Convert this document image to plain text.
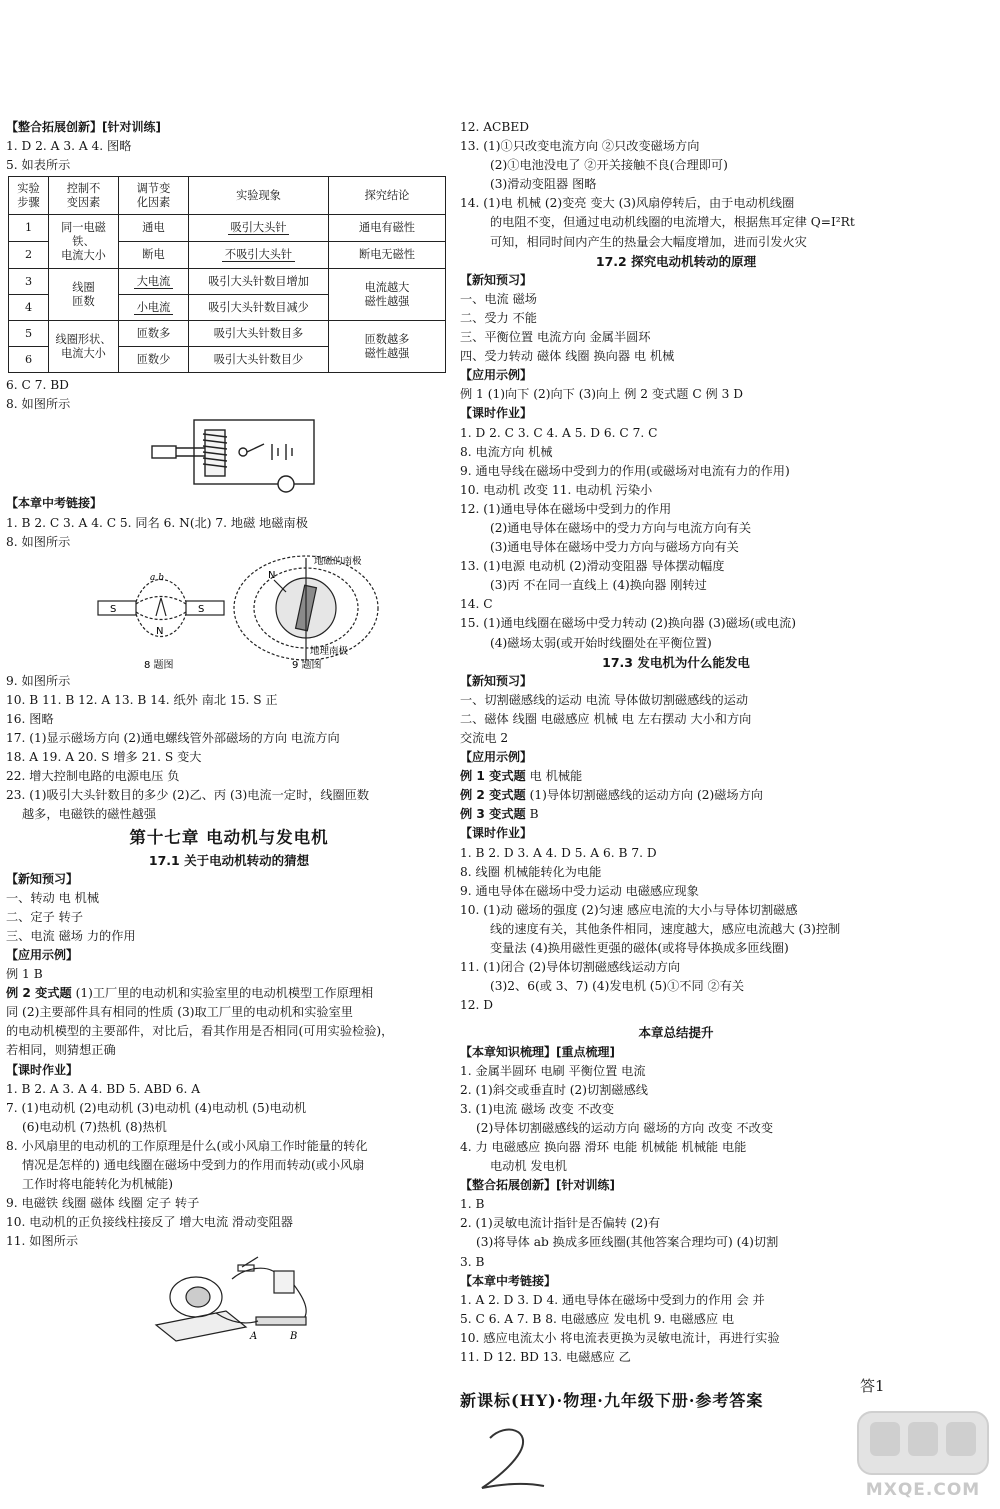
【整合拓展创新】[针对训练]
1. D 2. A 3. A 4. 图略
5. 如表所示
实验
步骤	控制不
变因素	调节变
化因素	实验现象	探究结论
1	同一电磁铁、
电流大小	通电	吸引大头针	通电有磁性
2		断电	不吸引大头针	断电无磁性
3	线圈
匝数	大电流	吸引大头针数目增加	电流越大
磁性越强
4		小电流	吸引大头针数目减少	
5	线圈形状、
电流大小	匝数多	吸引大头针数目多	匝数越多
磁性越强
6		匝数少	吸引大头针数目少	
6. C 7. BD
8. 如图所示
【本章中考链接】
1. B 2. C 3. A 4. C 5. 同名 6. N(北) 7. 地磁 地磁南极
8. 如图所示
S	S
a b
N
N
地磁的南极
地理南极
8 题图	9 题图
9. 如图所示
10. B 11. B 12. A 13. B 14. 纸外 南北 15. S 正
16. 图略
17. (1)显示磁场方向 (2)通电螺线管外部磁场的方向 电流方向
18. A 19. A 20. S 增多 21. S 变大
22. 增大控制电路的电源电压 负
23. (1)吸引大头针数目的多少 (2)乙、丙 (3)电流一定时，线圈匝数
越多，电磁铁的磁性越强
第十七章 电动机与发电机
17.1 关于电动机转动的猜想
【新知预习】
一、转动 电 机械
二、定子 转子
三、电流 磁场 力的作用
【应用示例】
例 1 B
例 2 变式题 (1)工厂里的电动机和实验室里的电动机模型工作原理相
同 (2)主要部件具有相同的性质 (3)取工厂里的电动机和实验室里
的电动机模型的主要部件，对比后，看其作用是否相同(可用实验检验)，
若相同，则猜想正确
【课时作业】
1. B 2. A 3. A 4. BD 5. ABD 6. A
7. (1)电动机 (2)电动机 (3)电动机 (4)电动机 (5)电动机
(6)电动机 (7)热机 (8)热机
8. 小风扇里的电动机的工作原理是什么(或小风扇工作时能量的转化
情况是怎样的) 通电线圈在磁场中受到力的作用而转动(或小风扇
工作时将电能转化为机械能)
9. 电磁铁 线圈 磁体 线圈 定子 转子
10. 电动机的正负接线柱接反了 增大电流 滑动变阻器
11. 如图所示
A	B
12. ACBED
13. (1)①只改变电流方向 ②只改变磁场方向
(2)①电池没电了 ②开关接触不良(合理即可)
(3)滑动变阻器 图略
14. (1)电 机械 (2)变亮 变大 (3)风扇停转后，由于电动机线圈
的电阻不变，但通过电动机线圈的电流增大，根据焦耳定律 Q=I²Rt
可知，相同时间内产生的热量会大幅度增加，进而引发火灾
17.2 探究电动机转动的原理
【新知预习】
一、电流 磁场
二、受力 不能
三、平衡位置 电流方向 金属半圆环
四、受力转动 磁体 线圈 换向器 电 机械
【应用示例】
例 1 (1)向下 (2)向下 (3)向上 例 2 变式题 C 例 3 D
【课时作业】
1. D 2. C 3. C 4. A 5. D 6. C 7. C
8. 电流方向 机械
9. 通电导线在磁场中受到力的作用(或磁场对电流有力的作用)
10. 电动机 改变 11. 电动机 污染小
12. (1)通电导体在磁场中受到力的作用
(2)通电导体在磁场中的受力方向与电流方向有关
(3)通电导体在磁场中受力方向与磁场方向有关
13. (1)电源 电动机 (2)滑动变阻器 导体摆动幅度
(3)丙 不在同一直线上 (4)换向器 刚转过
14. C
15. (1)通电线圈在磁场中受力转动 (2)换向器 (3)磁场(或电流)
(4)磁场太弱(或开始时线圈处在平衡位置)
17.3 发电机为什么能发电
【新知预习】
一、切割磁感线的运动 电流 导体做切割磁感线的运动
二、磁体 线圈 电磁感应 机械 电 左右摆动 大小和方向
交流电 2
【应用示例】
例 1 变式题 电 机械能
例 2 变式题 (1)导体切割磁感线的运动方向 (2)磁场方向
例 3 变式题 B
【课时作业】
1. B 2. D 3. A 4. D 5. A 6. B 7. D
8. 线圈 机械能转化为电能
9. 通电导体在磁场中受力运动 电磁感应现象
10. (1)动 磁场的强度 (2)匀速 感应电流的大小与导体切割磁感
线的速度有关，其他条件相同，速度越大，感应电流越大 (3)控制
变量法 (4)换用磁性更强的磁体(或将导体换成多匝线圈)
11. (1)闭合 (2)导体切割磁感线运动方向
(3)2、6(或 3、7) (4)发电机 (5)①不同 ②有关
12. D
本章总结提升
【本章知识梳理】[重点梳理]
1. 金属半圆环 电刷 平衡位置 电流
2. (1)斜交或垂直时 (2)切割磁感线
3. (1)电流 磁场 改变 不改变
(2)导体切割磁感线的运动方向 磁场的方向 改变 不改变
4. 力 电磁感应 换向器 滑环 电能 机械能 机械能 电能
电动机 发电机
【整合拓展创新】[针对训练]
1. B
2. (1)灵敏电流计指针是否偏转 (2)有
(3)将导体 ab 换成多匝线圈(其他答案合理均可) (4)切割
3. B
【本章中考链接】
1. A 2. D 3. D 4. 通电导体在磁场中受到力的作用 会 并
5. C 6. A 7. B 8. 电磁感应 发电机 9. 电磁感应 电
10. 感应电流太小 将电流表更换为灵敏电流计，再进行实验
11. D 12. BD 13. 电磁感应 乙
答1
新课标(HY)·物理·九年级下册·参考答案
MXQE.COM
